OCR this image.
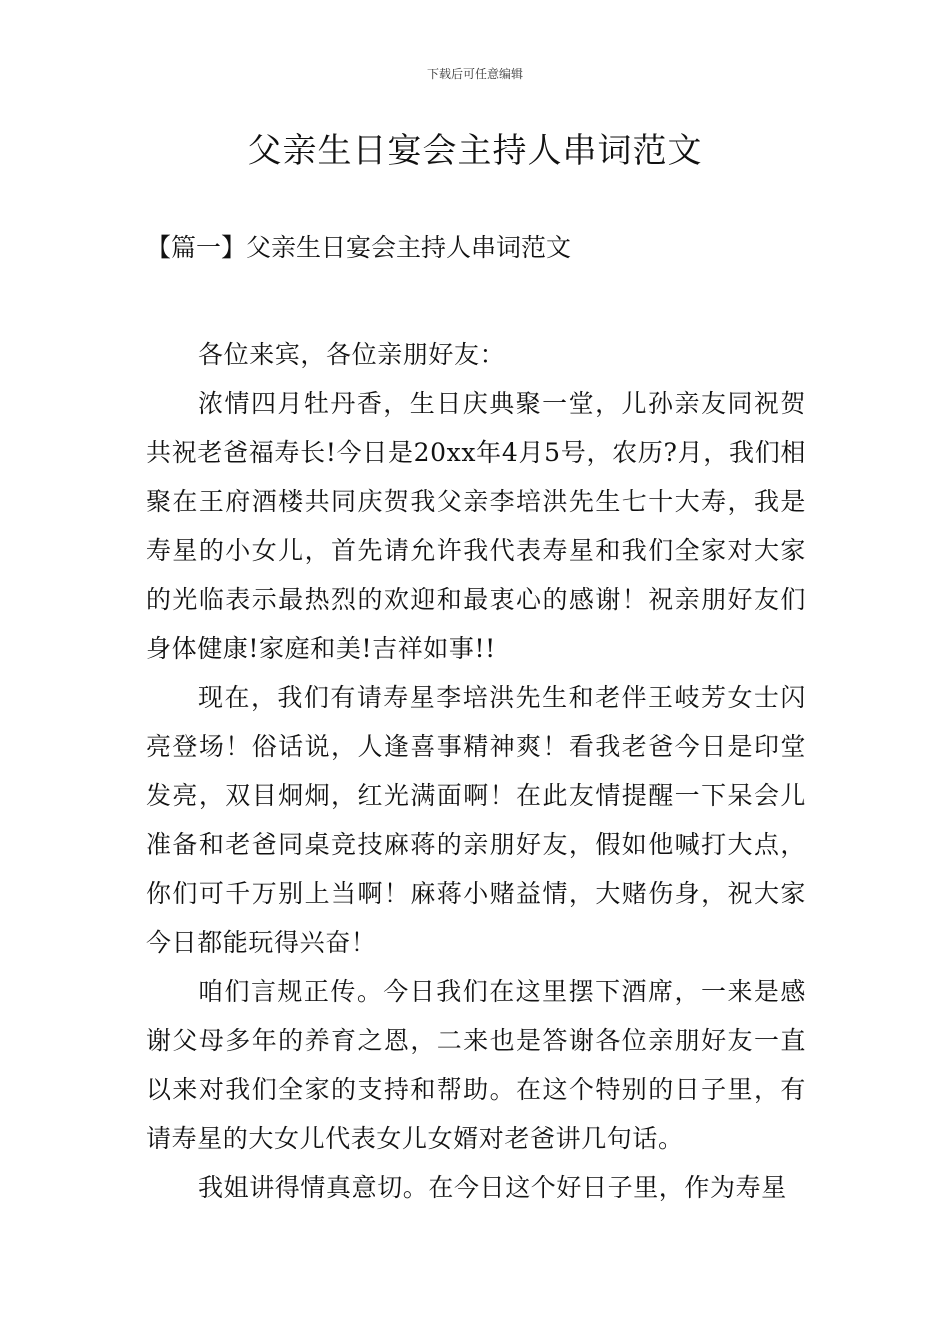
下载后可任意编辑
父亲生日宴会主持人串词范文
【篇一】父亲生日宴会主持人串词范文

各位来宾，各位亲朋好友：

浓情四月牡丹香，生日庆典聚一堂，儿孙亲友同祝贺共祝老爸福寿长!今日是20xx年4月5号，农历?月，我们相聚在王府酒楼共同庆贺我父亲李培洪先生七十大寿，我是寿星的小女儿，首先请允许我代表寿星和我们全家对大家的光临表示最热烈的欢迎和最衷心的感谢！祝亲朋好友们身体健康!家庭和美!吉祥如事!!

现在，我们有请寿星李培洪先生和老伴王岐芳女士闪亮登场！俗话说，人逢喜事精神爽！看我老爸今日是印堂发亮，双目炯炯，红光满面啊！在此友情提醒一下呆会儿准备和老爸同桌竞技麻蒋的亲朋好友，假如他喊打大点，你们可千万别上当啊！麻蒋小赌益情，大赌伤身，祝大家今日都能玩得兴奋！

咱们言规正传。今日我们在这里摆下酒席，一来是感谢父母多年的养育之恩，二来也是答谢各位亲朋好友一直以来对我们全家的支持和帮助。在这个特别的日子里，有请寿星的大女儿代表女儿女婿对老爸讲几句话。

我姐讲得情真意切。在今日这个好日子里，作为寿星
